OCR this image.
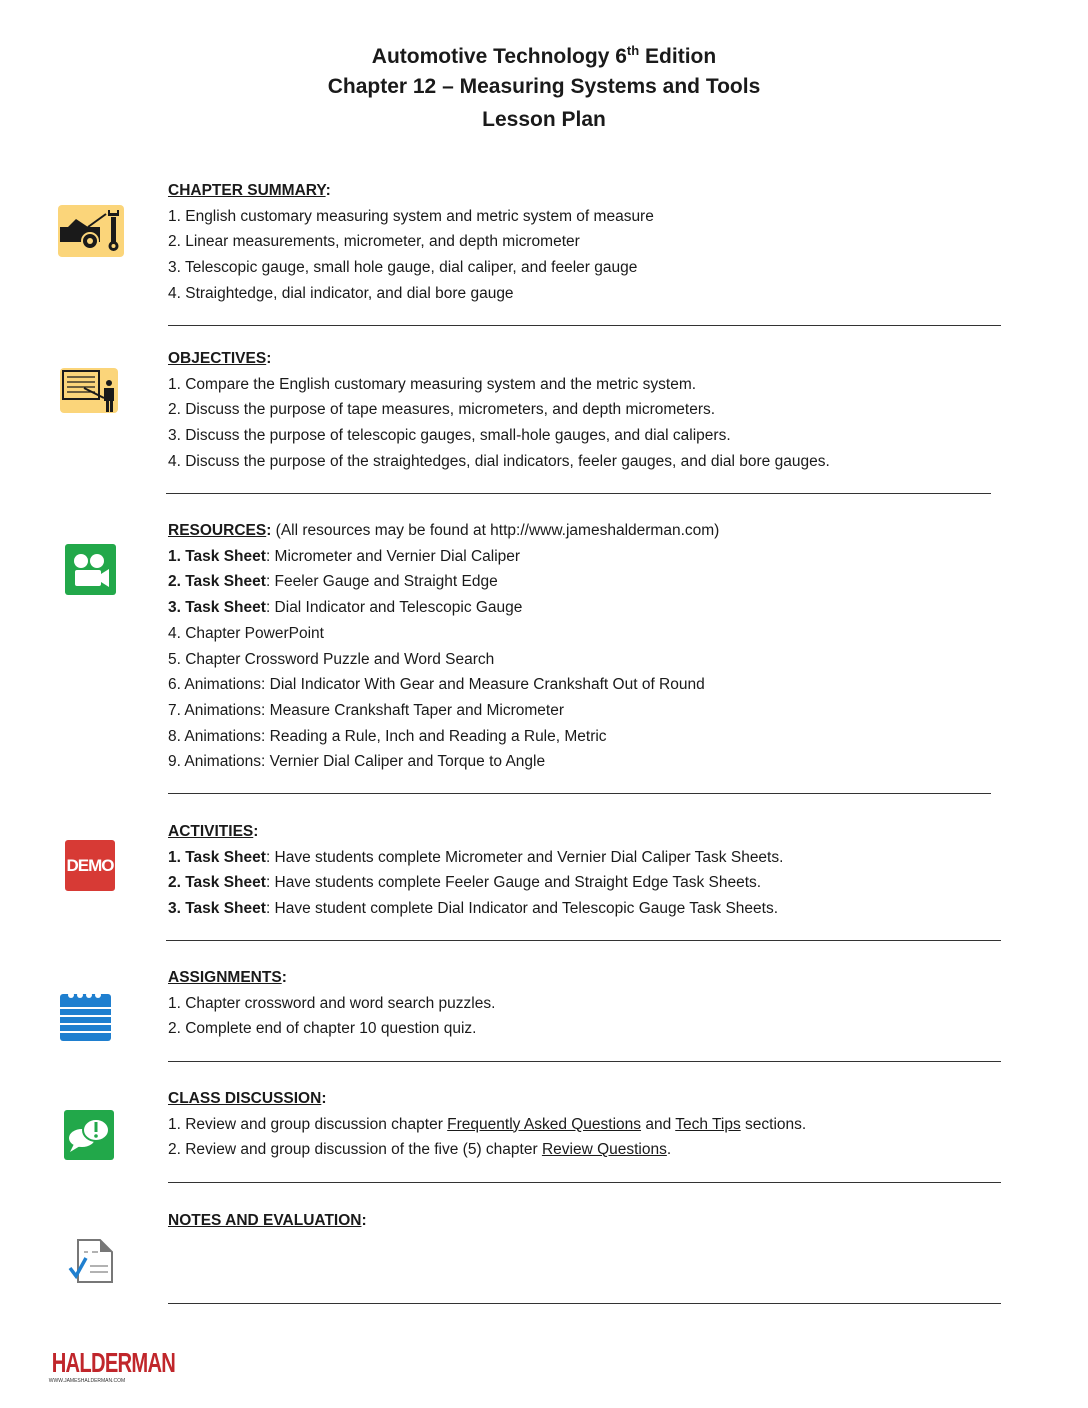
Automotive Technology 6th Edition
Chapter 12 – Measuring Systems and Tools
Lesson Plan
CHAPTER SUMMARY:
1. English customary measuring system and metric system of measure
2. Linear measurements, micrometer, and depth micrometer
3. Telescopic gauge, small hole gauge, dial caliper, and feeler gauge
4. Straightedge, dial indicator, and dial bore gauge
OBJECTIVES:
1. Compare the English customary measuring system and the metric system.
2. Discuss the purpose of tape measures, micrometers, and depth micrometers.
3. Discuss the purpose of telescopic gauges, small-hole gauges, and dial calipers.
4. Discuss the purpose of the straightedges, dial indicators, feeler gauges, and dial bore gauges.
RESOURCES: (All resources may be found at http://www.jameshalderman.com)
1. Task Sheet: Micrometer and Vernier Dial Caliper
2. Task Sheet: Feeler Gauge and Straight Edge
3. Task Sheet: Dial Indicator and Telescopic Gauge
4. Chapter PowerPoint
5. Chapter Crossword Puzzle and Word Search
6. Animations: Dial Indicator With Gear and Measure Crankshaft Out of Round
7. Animations: Measure Crankshaft Taper and Micrometer
8. Animations: Reading a Rule, Inch and Reading a Rule, Metric
9. Animations: Vernier Dial Caliper and Torque to Angle
ACTIVITIES:
1. Task Sheet: Have students complete Micrometer and Vernier Dial Caliper Task Sheets.
2. Task Sheet: Have students complete Feeler Gauge and Straight Edge Task Sheets.
3. Task Sheet: Have student complete Dial Indicator and Telescopic Gauge Task Sheets.
ASSIGNMENTS:
1. Chapter crossword and word search puzzles.
2. Complete end of chapter 10 question quiz.
CLASS DISCUSSION:
1. Review and group discussion chapter Frequently Asked Questions and Tech Tips sections.
2. Review and group discussion of the five (5) chapter Review Questions.
NOTES AND EVALUATION:
DEMO
HALDERMAN
WWW.JAMESHALDERMAN.COM
